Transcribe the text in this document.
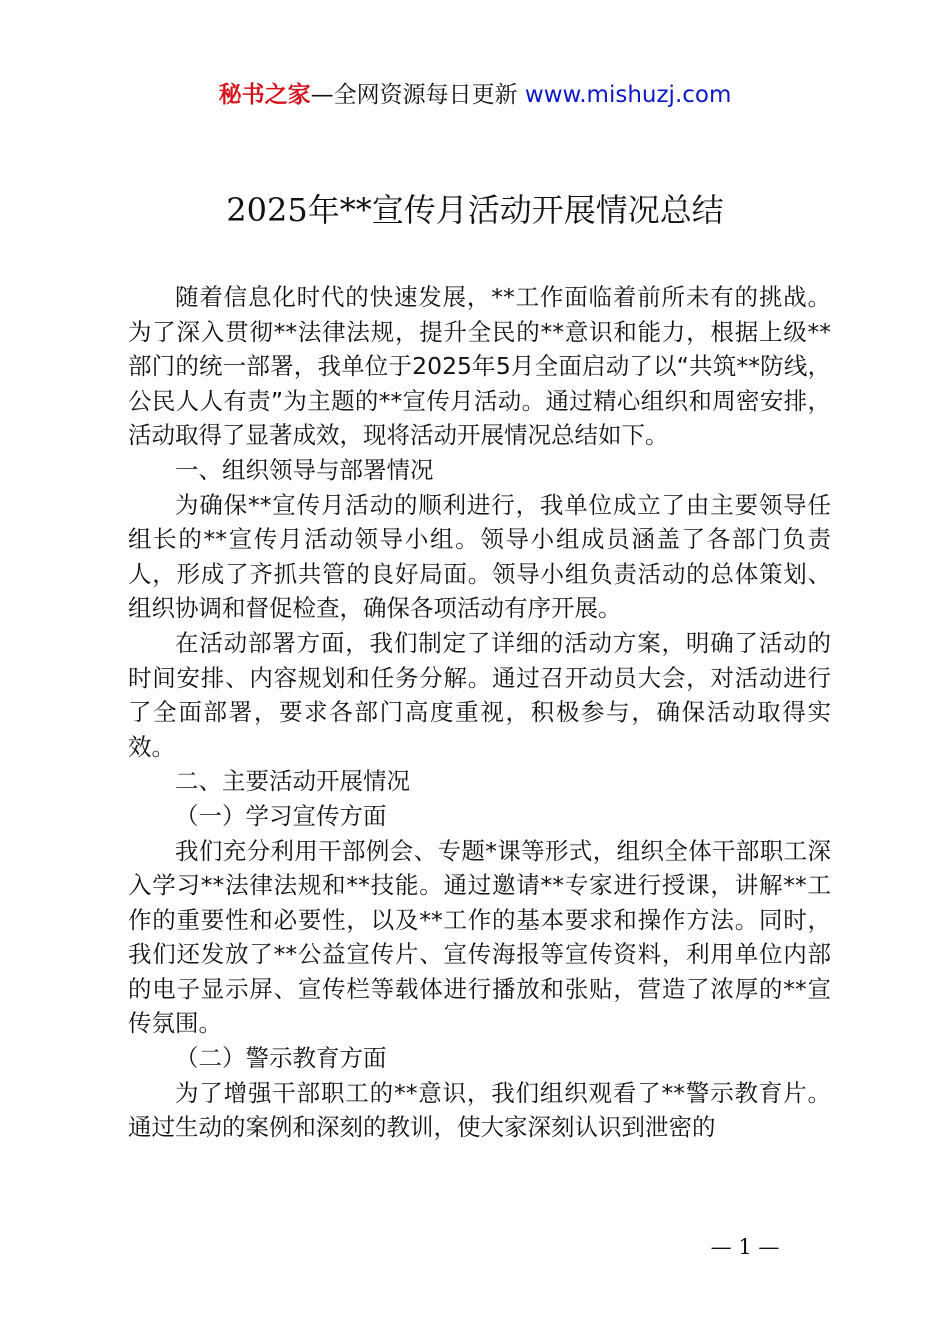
秘书之家—全网资源每日更新 www.mishuzj.com
2025年**宣传月活动开展情况总结

随着信息化时代的快速发展，**工作面临着前所未有的挑战。为了深入贯彻**法律法规，提升全民的**意识和能力，根据上级**部门的统一部署，我单位于2025年5月全面启动了以“共筑**防线，公民人人有责”为主题的**宣传月活动。通过精心组织和周密安排，活动取得了显著成效，现将活动开展情况总结如下。

一、组织领导与部署情况

为确保**宣传月活动的顺利进行，我单位成立了由主要领导任组长的**宣传月活动领导小组。领导小组成员涵盖了各部门负责人，形成了齐抓共管的良好局面。领导小组负责活动的总体策划、组织协调和督促检查，确保各项活动有序开展。

在活动部署方面，我们制定了详细的活动方案，明确了活动的时间安排、内容规划和任务分解。通过召开动员大会，对活动进行了全面部署，要求各部门高度重视，积极参与，确保活动取得实效。

二、主要活动开展情况

（一）学习宣传方面

我们充分利用干部例会、专题*课等形式，组织全体干部职工深入学习**法律法规和**技能。通过邀请**专家进行授课，讲解**工作的重要性和必要性，以及**工作的基本要求和操作方法。同时，我们还发放了**公益宣传片、宣传海报等宣传资料，利用单位内部的电子显示屏、宣传栏等载体进行播放和张贴，营造了浓厚的**宣传氛围。

（二）警示教育方面

为了增强干部职工的**意识，我们组织观看了**警示教育片。通过生动的案例和深刻的教训，使大家深刻认识到泄密的

— 1 —
